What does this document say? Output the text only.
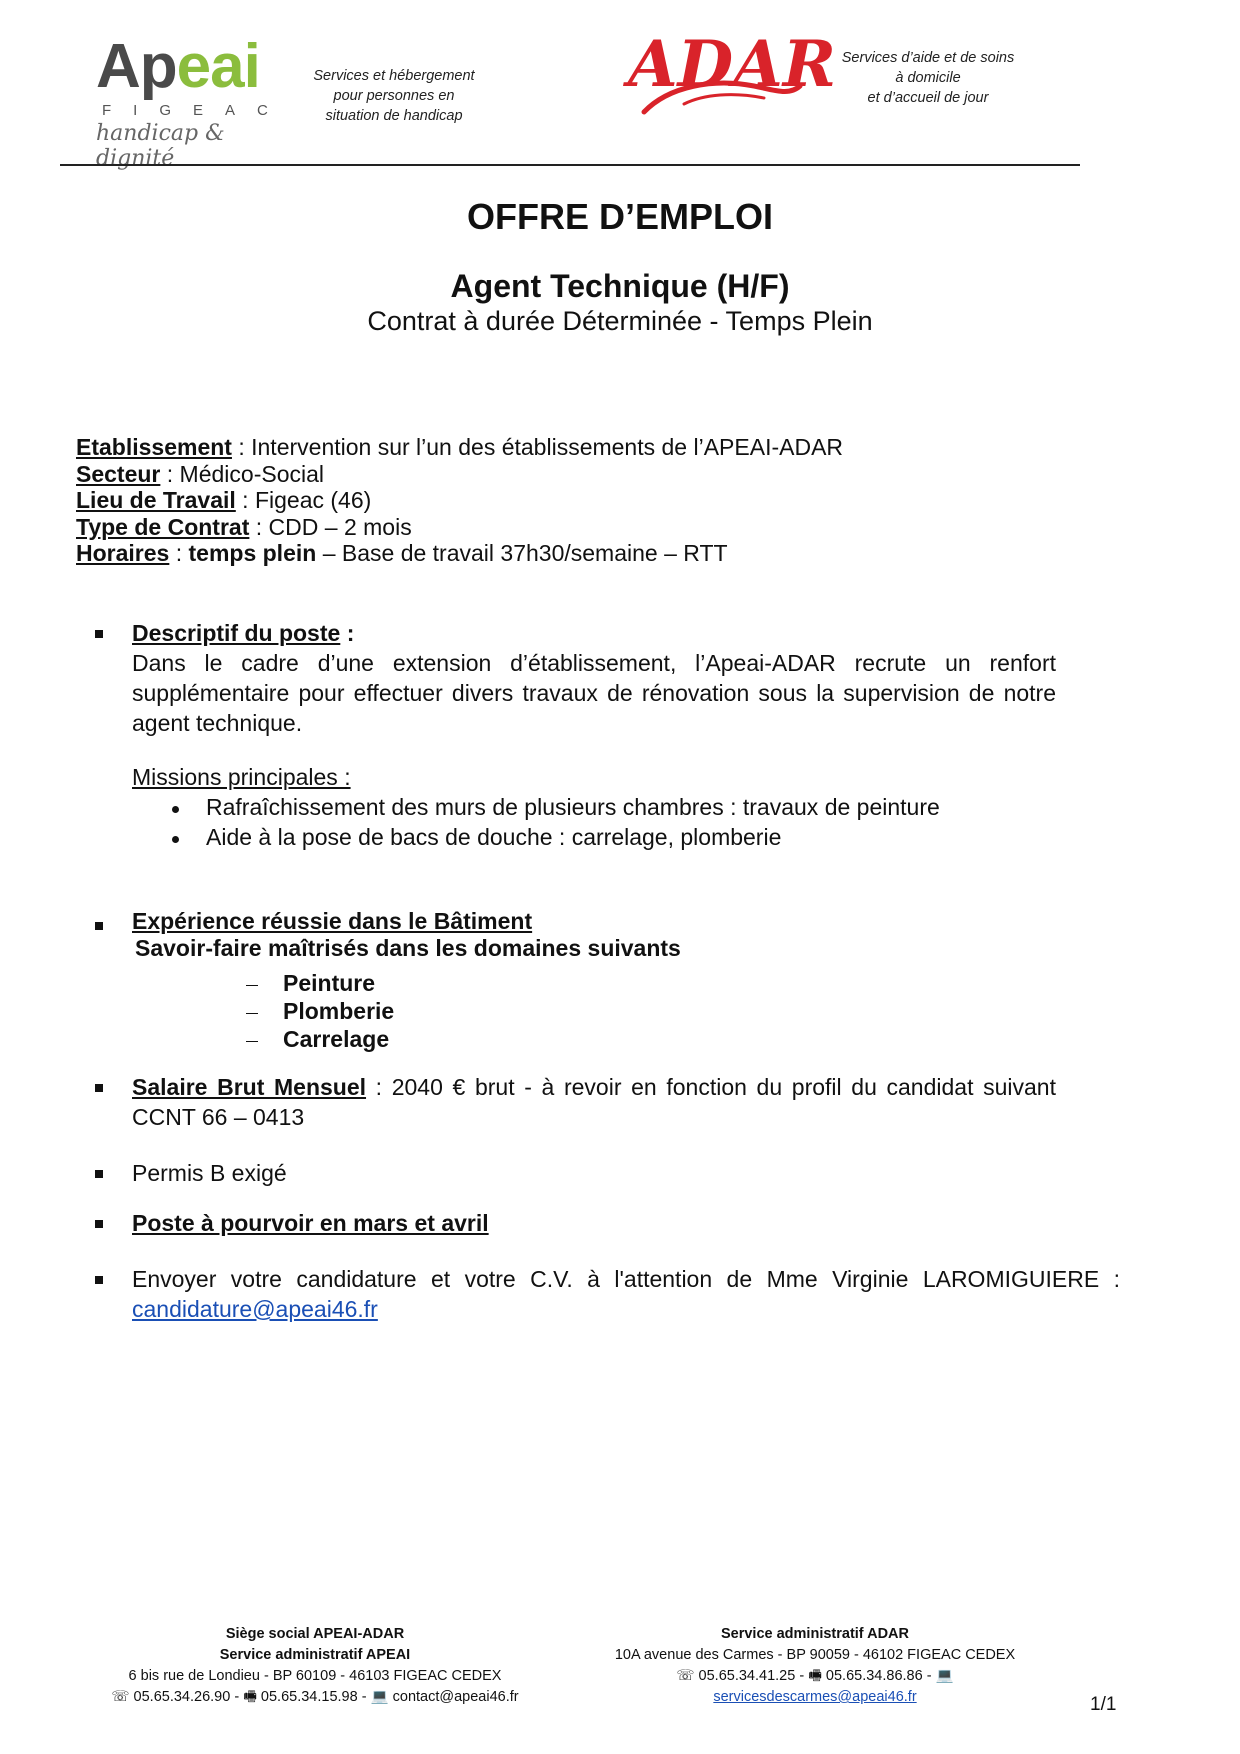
Apeai
FIGEAC
handicap & dignité
Services et hébergement
pour personnes en
situation de handicap
ADAR Services d’aide et de soins
à domicile
et d’accueil de jour
OFFRE D’EMPLOI
Agent Technique (H/F)
Contrat à durée Déterminée - Temps Plein
Etablissement : Intervention sur l’un des établissements de l’APEAI-ADAR
Secteur : Médico-Social
Lieu de Travail : Figeac (46)
Type de Contrat : CDD – 2 mois
Horaires : temps plein – Base de travail 37h30/semaine – RTT
Descriptif du poste :
Dans le cadre d’une extension d’établissement, l’Apeai-ADAR recrute un renfort supplémentaire pour effectuer divers travaux de rénovation sous la supervision de notre agent technique.
Missions principales :
Rafraîchissement des murs de plusieurs chambres : travaux de peinture
Aide à la pose de bacs de douche : carrelage, plomberie
Expérience réussie dans le Bâtiment
Savoir-faire maîtrisés dans les domaines suivants
Peinture
Plomberie
Carrelage
Salaire Brut Mensuel : 2040 € brut - à revoir en fonction du profil du candidat suivant CCNT 66 – 0413
Permis B exigé
Poste à pourvoir en mars et avril
Envoyer votre candidature et votre C.V. à l'attention de Mme Virginie LAROMIGUIERE :
candidature@apeai46.fr
Siège social APEAI-ADAR
Service administratif APEAI
6 bis rue de Londieu - BP 60109 - 46103 FIGEAC CEDEX
☏ 05.65.34.26.90 - 🖷 05.65.34.15.98 - 💻 contact@apeai46.fr
Service administratif ADAR
10A avenue des Carmes - BP 90059 - 46102 FIGEAC CEDEX
☏ 05.65.34.41.25 - 🖷 05.65.34.86.86 - 💻
servicesdescarmes@apeai46.fr	1/1
